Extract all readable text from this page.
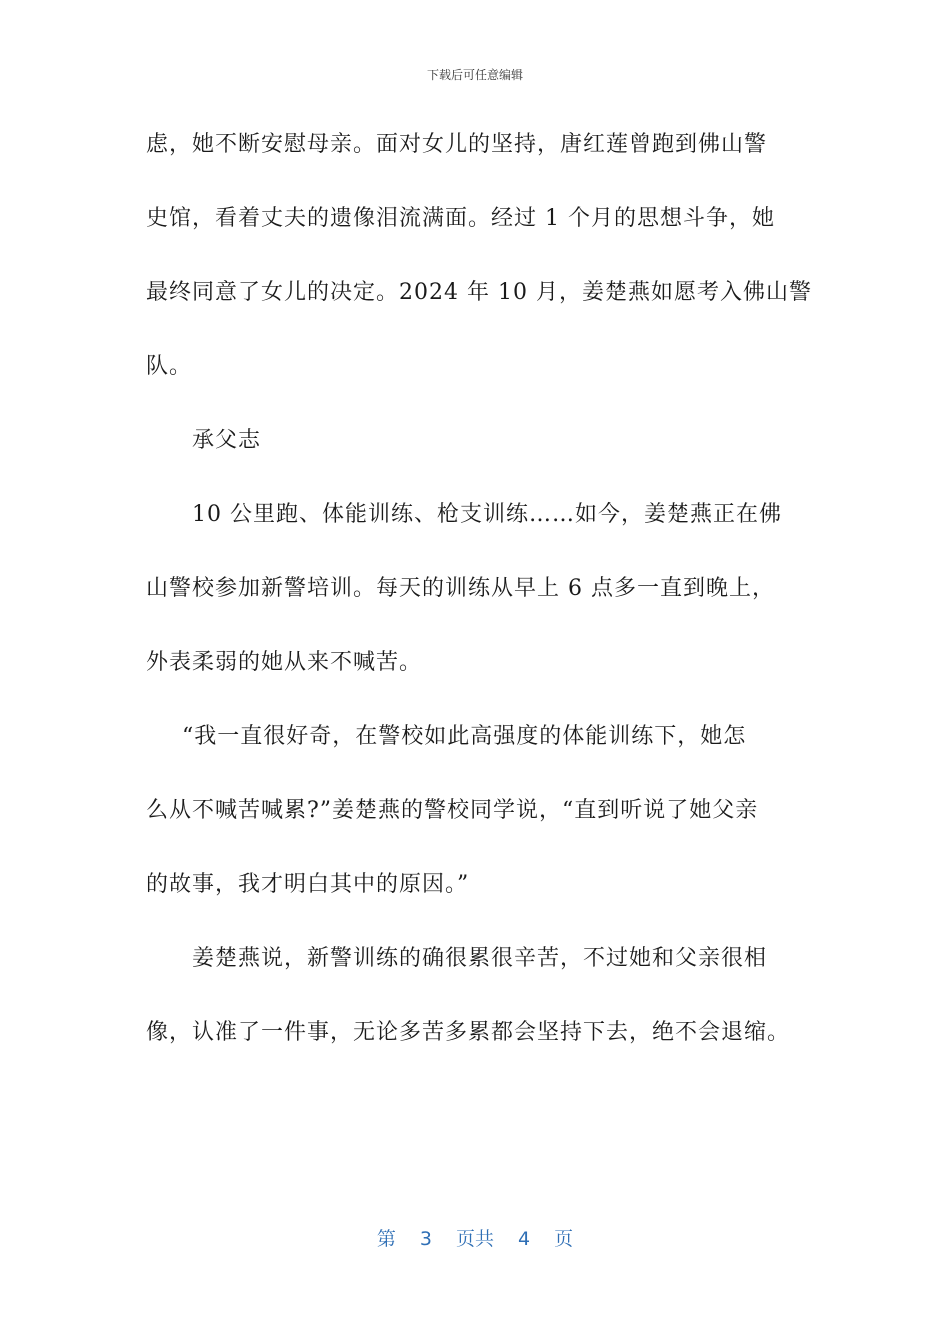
下载后可任意编辑
虑，她不断安慰母亲。面对女儿的坚持，唐红莲曾跑到佛山警
史馆，看着丈夫的遗像泪流满面。经过 1 个月的思想斗争，她
最终同意了女儿的决定。2024 年 10 月，姜楚燕如愿考入佛山警
队。
承父志
10 公里跑、体能训练、枪支训练……如今，姜楚燕正在佛
山警校参加新警培训。每天的训练从早上 6 点多一直到晚上，
外表柔弱的她从来不喊苦。
“我一直很好奇，在警校如此高强度的体能训练下，她怎
么从不喊苦喊累?”姜楚燕的警校同学说，“直到听说了她父亲
的故事，我才明白其中的原因。”
姜楚燕说，新警训练的确很累很辛苦，不过她和父亲很相
像，认准了一件事，无论多苦多累都会坚持下去，绝不会退缩。
第 3 页共 4 页
